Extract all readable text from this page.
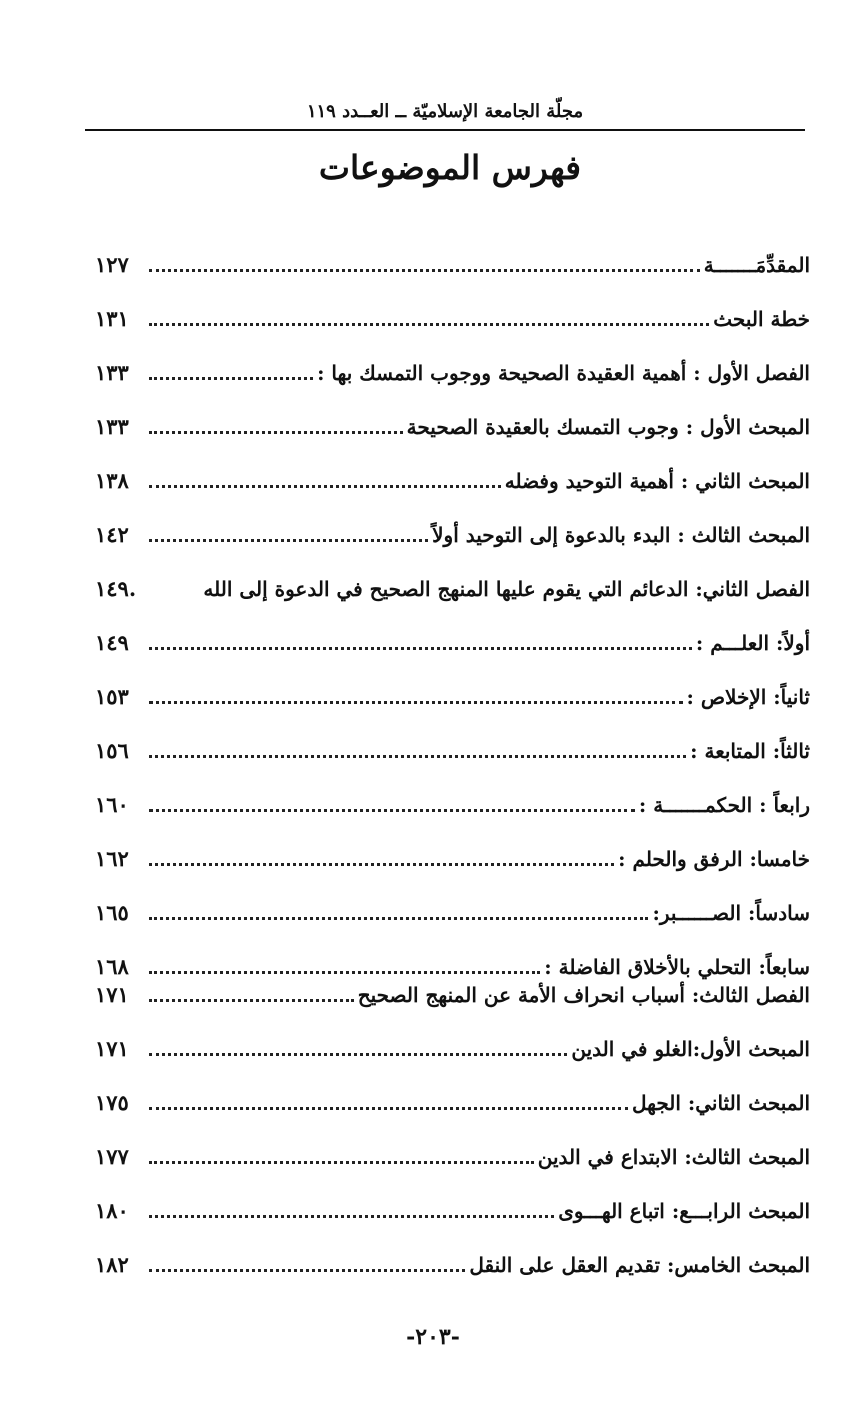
مجلّة الجامعة الإسلاميّة ــ العــدد ١١٩
فهرس الموضوعات
المقدِّمَـــــــة
١٢٧
خطة البحث
١٣١
الفصل الأول : أهمية العقيدة الصحيحة ووجوب التمسك بها :
١٣٣
المبحث الأول : وجوب التمسك بالعقيدة الصحيحة
١٣٣
المبحث الثاني : أهمية التوحيد وفضله
١٣٨
المبحث الثالث : البدء بالدعوة إلى التوحيد أولاً
١٤٢
الفصل الثاني: الدعائم التي يقوم عليها المنهج الصحيح في الدعوة إلى الله
.١٤٩
أولاً: العلـــم :
١٤٩
ثانياً: الإخلاص :
١٥٣
ثالثاً: المتابعة :
١٥٦
رابعاً : الحكمـــــــة :
١٦٠
خامسا: الرفق والحلم :
١٦٢
سادساً: الصــــــبر:
١٦٥
سابعاً: التحلي بالأخلاق الفاضلة :
١٦٨
الفصل الثالث: أسباب انحراف الأمة عن المنهج الصحيح
١٧١
المبحث الأول:الغلو في الدين
١٧١
المبحث الثاني: الجهل
١٧٥
المبحث الثالث: الابتداع في الدين
١٧٧
المبحث الرابـــع: اتباع الهـــوى
١٨٠
المبحث الخامس: تقديم العقل على النقل
١٨٢
-٢٠٣-
